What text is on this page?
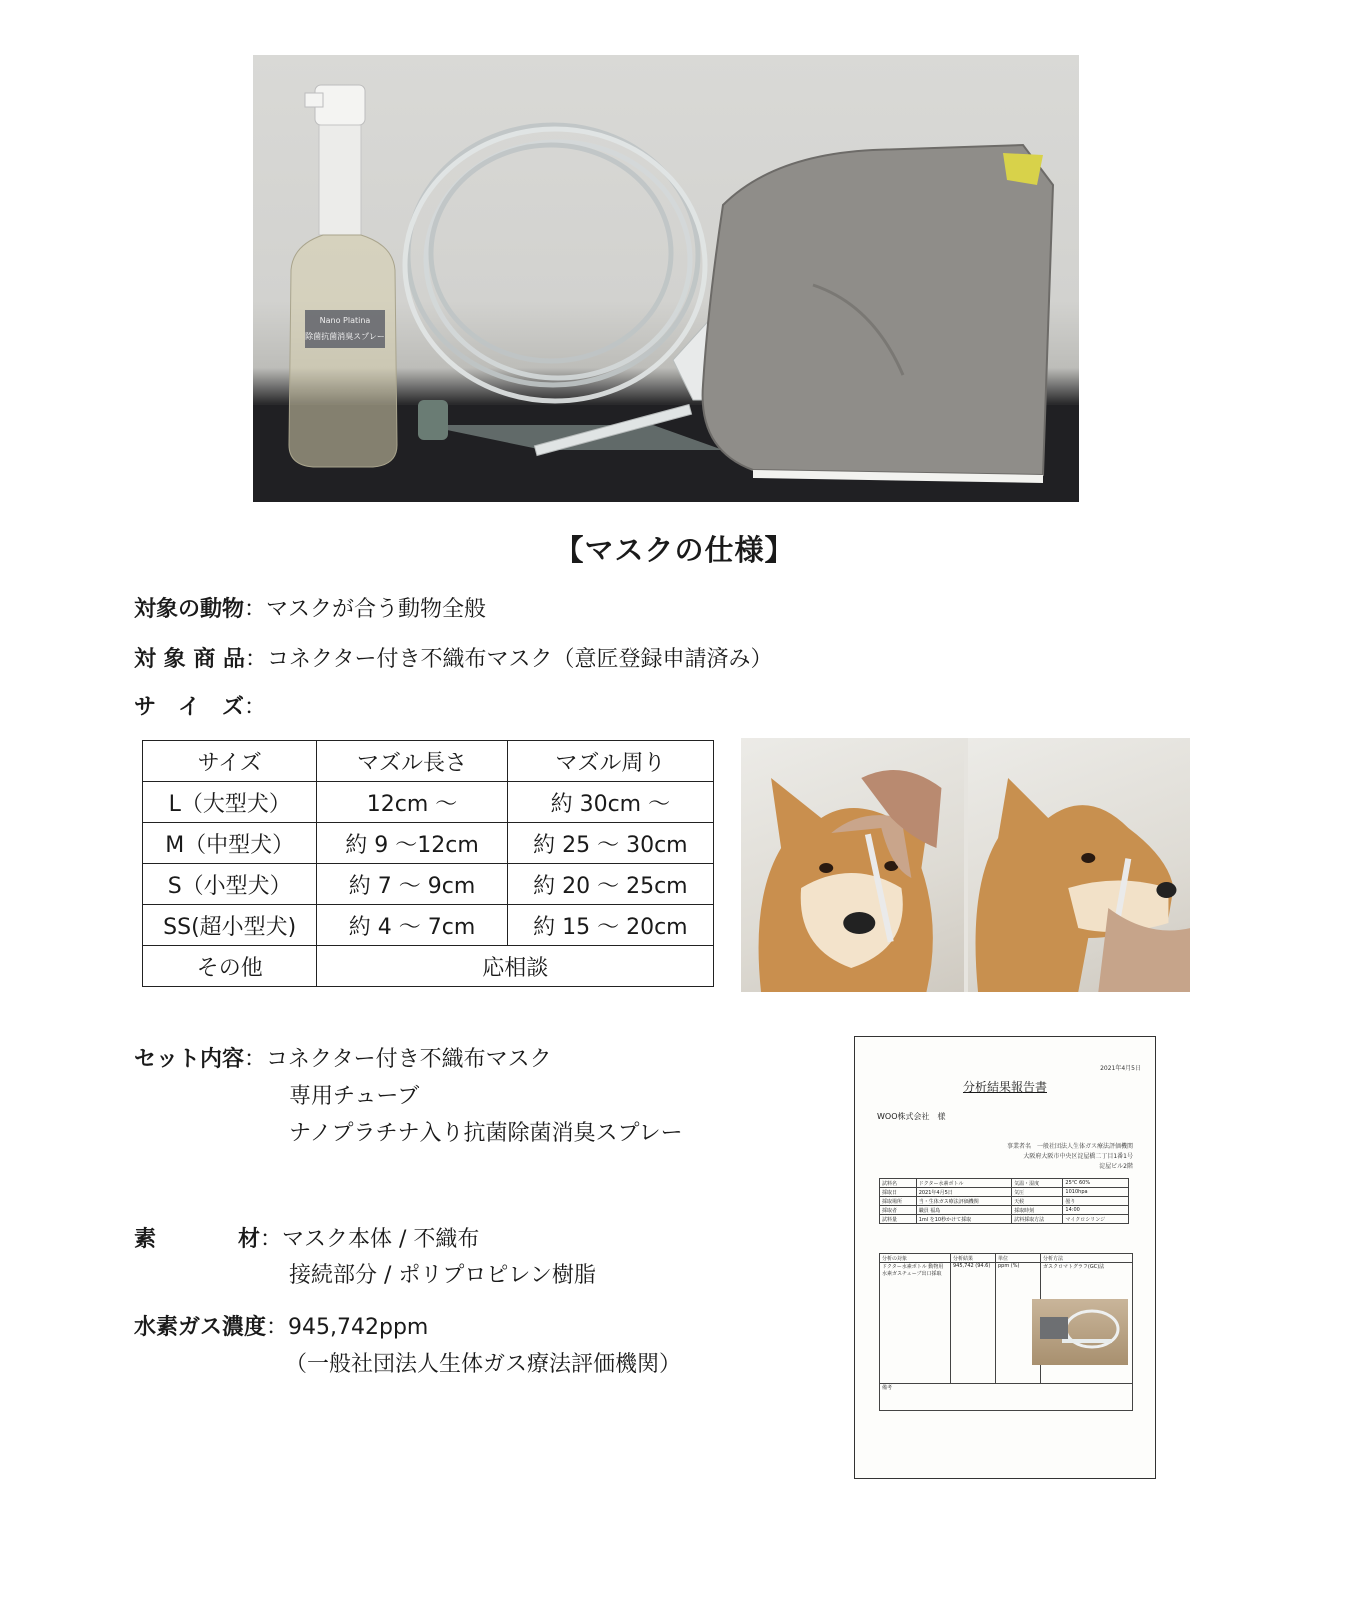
Nano Platina
除菌抗菌消臭スプレー
【マスクの仕様】
対象の動物 ： マスクが合う動物全般
対 象 商 品 ： コネクター付き不織布マスク（意匠登録申請済み）
サ　イ　ズ ：
サイズ	マズル長さ	マズル周り
L（大型犬）	12cm 〜	約 30cm 〜
M（中型犬）	約 9 〜12cm	約 25 〜 30cm
S（小型犬）	約 7 〜 9cm	約 20 〜 25cm
SS(超小型犬)	約 4 〜 7cm	約 15 〜 20cm
その他	応相談	
セット内容 ： コネクター付き不織布マスク
専用チューブ
ナノプラチナ入り抗菌除菌消臭スプレー
素	材 ： マスク本体 / 不織布
接続部分 / ポリプロピレン樹脂
水素ガス濃度 ： 945,742ppm
（一般社団法人生体ガス療法評価機関）
2021年4月5日
分析結果報告書
WOO株式会社　様
事業者名　一般社団法人生体ガス療法評価機関
大阪府大阪市中央区淀屋橋二丁目1番1号
淀屋ビル2階
試料名	ドクター水素ボトル	気温・湿度	25℃ 60%
採取日	2021年4月5日	気圧	1010hpa
採取場所	当・生体ガス療法評価機関	天候	曇り
採取者	職員 福島	採取時刻	14:00
試料量	1ml を10秒かけて採取	試料採取方法	マイクロシリンジ
分析の対象	分析結果	単位	分析方法
ドクター水素ボトル 動物用水素ガスチューブ出口採取	945,742 (94.6)	ppm (%)	ガスクロマトグラフ(GC)法
備考			
